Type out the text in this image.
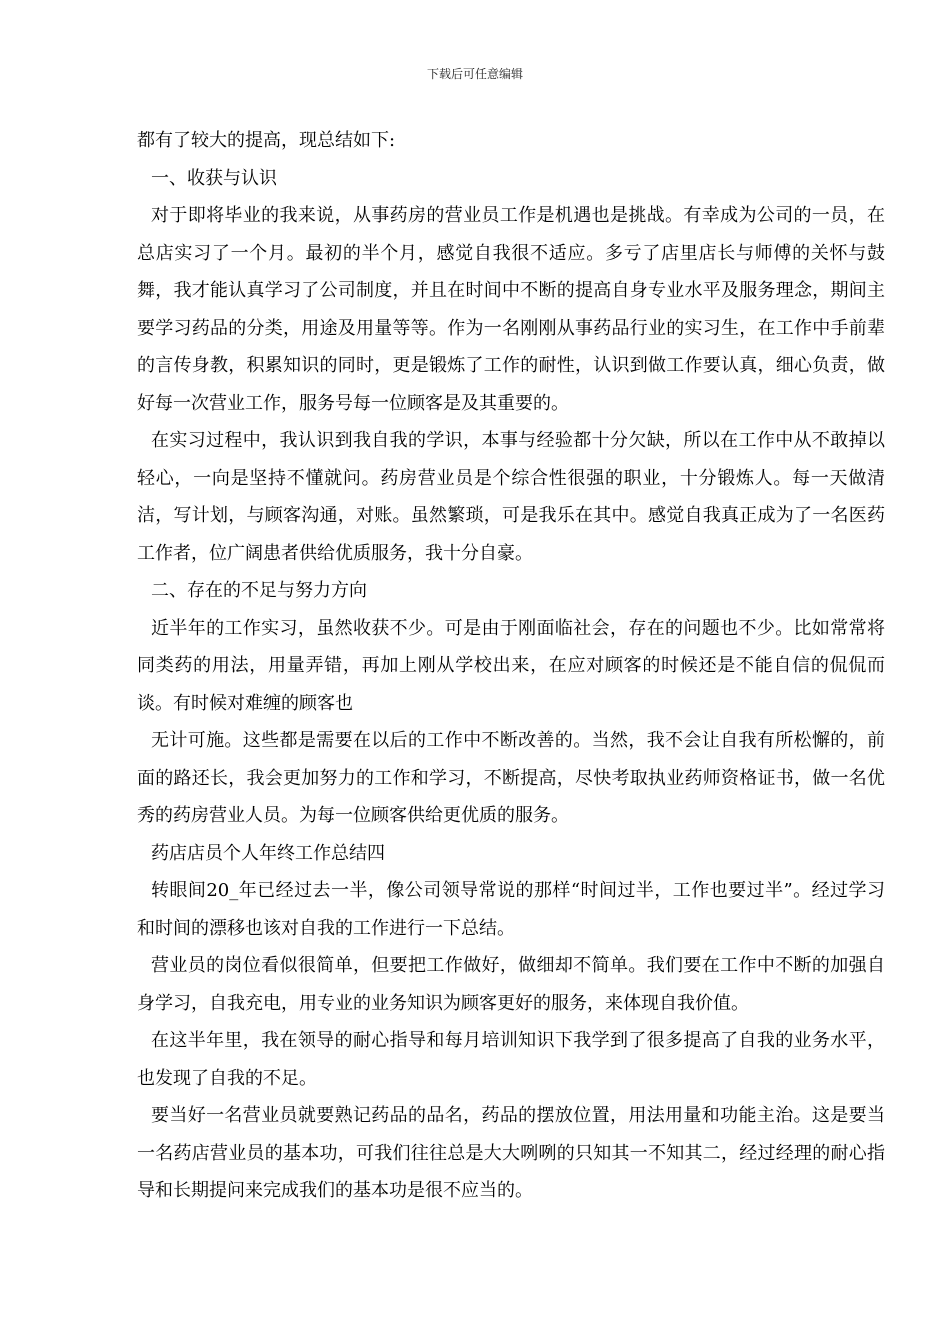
下载后可任意编辑

都有了较大的提高，现总结如下:

一、收获与认识

对于即将毕业的我来说，从事药房的营业员工作是机遇也是挑战。有幸成为公司的一员，在总店实习了一个月。最初的半个月，感觉自我很不适应。多亏了店里店长与师傅的关怀与鼓舞，我才能认真学习了公司制度，并且在时间中不断的提高自身专业水平及服务理念，期间主要学习药品的分类，用途及用量等等。作为一名刚刚从事药品行业的实习生，在工作中手前辈的言传身教，积累知识的同时，更是锻炼了工作的耐性，认识到做工作要认真，细心负责，做好每一次营业工作，服务号每一位顾客是及其重要的。

在实习过程中，我认识到我自我的学识，本事与经验都十分欠缺，所以在工作中从不敢掉以轻心，一向是坚持不懂就问。药房营业员是个综合性很强的职业，十分锻炼人。每一天做清洁，写计划，与顾客沟通，对账。虽然繁琐，可是我乐在其中。感觉自我真正成为了一名医药工作者，位广阔患者供给优质服务，我十分自豪。

二、存在的不足与努力方向

近半年的工作实习，虽然收获不少。可是由于刚面临社会，存在的问题也不少。比如常常将同类药的用法，用量弄错，再加上刚从学校出来，在应对顾客的时候还是不能自信的侃侃而谈。有时候对难缠的顾客也

无计可施。这些都是需要在以后的工作中不断改善的。当然，我不会让自我有所松懈的，前面的路还长，我会更加努力的工作和学习，不断提高，尽快考取执业药师资格证书，做一名优秀的药房营业人员。为每一位顾客供给更优质的服务。

药店店员个人年终工作总结四

转眼间20_年已经过去一半，像公司领导常说的那样“时间过半，工作也要过半”。经过学习和时间的漂移也该对自我的工作进行一下总结。

营业员的岗位看似很简单，但要把工作做好，做细却不简单。我们要在工作中不断的加强自身学习，自我充电，用专业的业务知识为顾客更好的服务，来体现自我价值。

在这半年里，我在领导的耐心指导和每月培训知识下我学到了很多提高了自我的业务水平，也发现了自我的不足。

要当好一名营业员就要熟记药品的品名，药品的摆放位置，用法用量和功能主治。这是要当一名药店营业员的基本功，可我们往往总是大大咧咧的只知其一不知其二，经过经理的耐心指导和长期提问来完成我们的基本功是很不应当的。
